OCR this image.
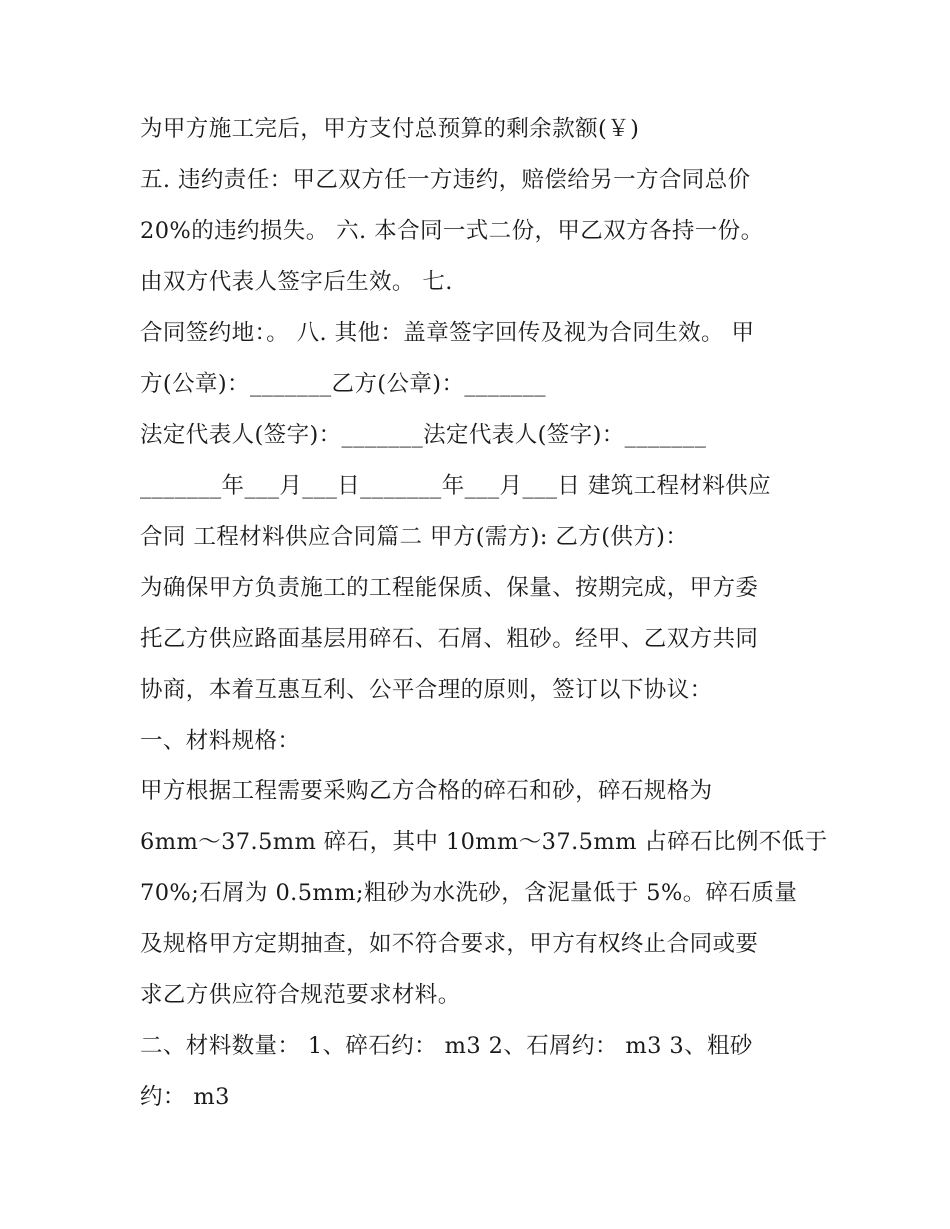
为甲方施工完后，甲方支付总预算的剩余款额(￥)
五. 违约责任：甲乙双方任一方违约，赔偿给另一方合同总价
20%的违约损失。 六. 本合同一式二份，甲乙双方各持一份。
由双方代表人签字后生效。 七.
合同签约地：。 八. 其他：盖章签字回传及视为合同生效。 甲
方(公章)：_______乙方(公章)：_______
法定代表人(签字)：_______法定代表人(签字)：_______
_______年___月___日_______年___月___日 建筑工程材料供应
合同 工程材料供应合同篇二 甲方(需方): 乙方(供方)：
为确保甲方负责施工的工程能保质、保量、按期完成，甲方委
托乙方供应路面基层用碎石、石屑、粗砂。经甲、乙双方共同
协商，本着互惠互利、公平合理的原则，签订以下协议：
一、材料规格：
甲方根据工程需要采购乙方合格的碎石和砂，碎石规格为
6mm～37.5mm 碎石，其中 10mm～37.5mm 占碎石比例不低于
70%;石屑为 0.5mm;粗砂为水洗砂，含泥量低于 5%。碎石质量
及规格甲方定期抽查，如不符合要求，甲方有权终止合同或要
求乙方供应符合规范要求材料。
二、材料数量： 1、碎石约： m3 2、石屑约： m3 3、粗砂
约： m3
